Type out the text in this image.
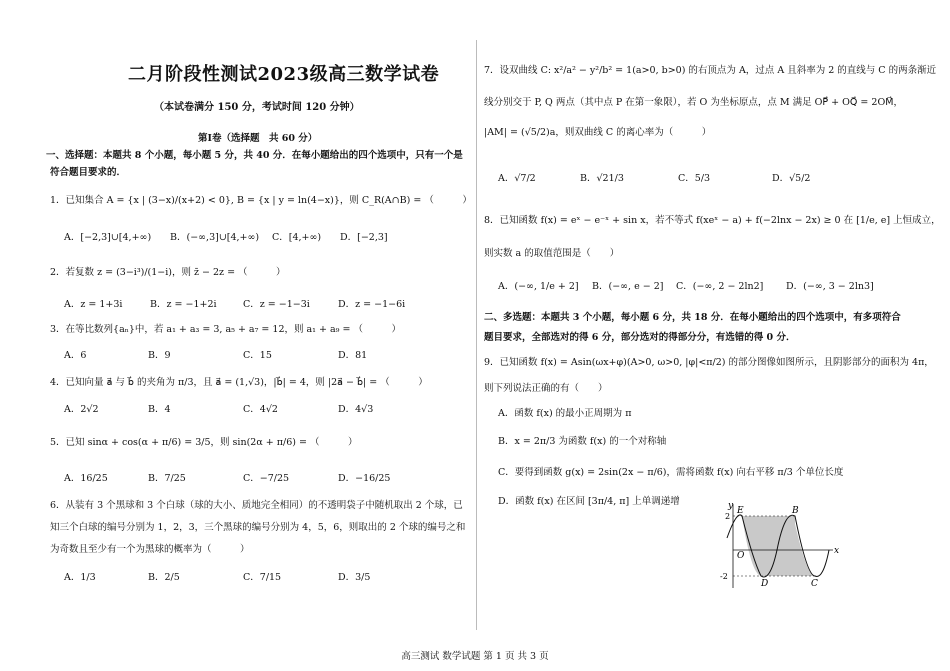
二月阶段性测试2023级高三数学试卷
（本试卷满分 150 分，考试时间 120 分钟）
第Ⅰ卷（选择题　共 60 分）
一、选择题：本题共 8 个小题，每小题 5 分，共 40 分．在每小题给出的四个选项中，只有一个是
符合题目要求的．
1．已知集合 A = {x | (3−x)/(x+2) < 0}, B = {x | y = ln(4−x)}，则 C_R(A∩B) = （　　　）
A．[−2,3]∪[4,+∞) B．(−∞,3]∪[4,+∞) C．[4,+∞) D．[−2,3]
2．若复数 z = (3−i³)/(1−i)，则 z̄ − 2z = （　　　）
A．z = 1+3i	B．z = −1+2i	C．z = −1−3i	D．z = −1−6i
3．在等比数列{aₙ}中，若 a₁ + a₃ = 3, a₅ + a₇ = 12，则 a₁ + a₉ = （　　　）
A．6	B．9	C．15	D．81
4．已知向量 a⃗ 与 b⃗ 的夹角为 π/3，且 a⃗ = (1,√3)，|b⃗| = 4，则 |2a⃗ − b⃗| = （　　　）
A．2√2	B．4	C．4√2	D．4√3
5．已知 sinα + cos(α + π/6) = 3/5，则 sin(2α + π/6) = （　　　）
A．16/25	B．7/25	C．−7/25	D．−16/25
6．从装有 3 个黑球和 3 个白球（球的大小、质地完全相同）的不透明袋子中随机取出 2 个球，已
知三个白球的编号分别为 1，2，3，三个黑球的编号分别为 4，5，6，则取出的 2 个球的编号之和
为奇数且至少有一个为黑球的概率为（　　　）
A．1/3	B．2/5	C．7/15	D．3/5
7．设双曲线 C: x²/a² − y²/b² = 1(a>0, b>0) 的右顶点为 A，过点 A 且斜率为 2 的直线与 C 的两条渐近
线分别交于 P, Q 两点（其中点 P 在第一象限），若 O 为坐标原点，点 M 满足 OP⃗ + OQ⃗ = 2OM⃗，
|AM| = (√5/2)a，则双曲线 C 的离心率为（　　　）
A．√7/2	B．√21/3	C．5/3	D．√5/2
8．已知函数 f(x) = eˣ − e⁻ˣ + sin x，若不等式 f(xeˣ − a) + f(−2lnx − 2x) ≥ 0 在 [1/e, e] 上恒成立，
则实数 a 的取值范围是（　　）
A．(−∞, 1/e + 2] B．(−∞, e − 2] C．(−∞, 2 − 2ln2] D．(−∞, 3 − 2ln3]
二、多选题：本题共 3 个小题，每小题 6 分，共 18 分．在每小题给出的四个选项中，有多项符合
题目要求，全部选对的得 6 分，部分选对的得部分分，有选错的得 0 分．
9．已知函数 f(x) = Asin(ωx+φ)(A>0, ω>0, |φ|<π/2) 的部分图像如图所示，且阴影部分的面积为 4π，
则下列说法正确的有（　　）
A．函数 f(x) 的最小正周期为 π
B．x = 2π/3 为函数 f(x) 的一个对称轴
C．要得到函数 g(x) = 2sin(2x − π/6)，需将函数 f(x) 向右平移 π/3 个单位长度
D．函数 f(x) 在区间 [3π/4, π] 上单调递增
E	B
O
D	C
x
y
2
-2
高三测试 数学试题 第 1 页 共 3 页
